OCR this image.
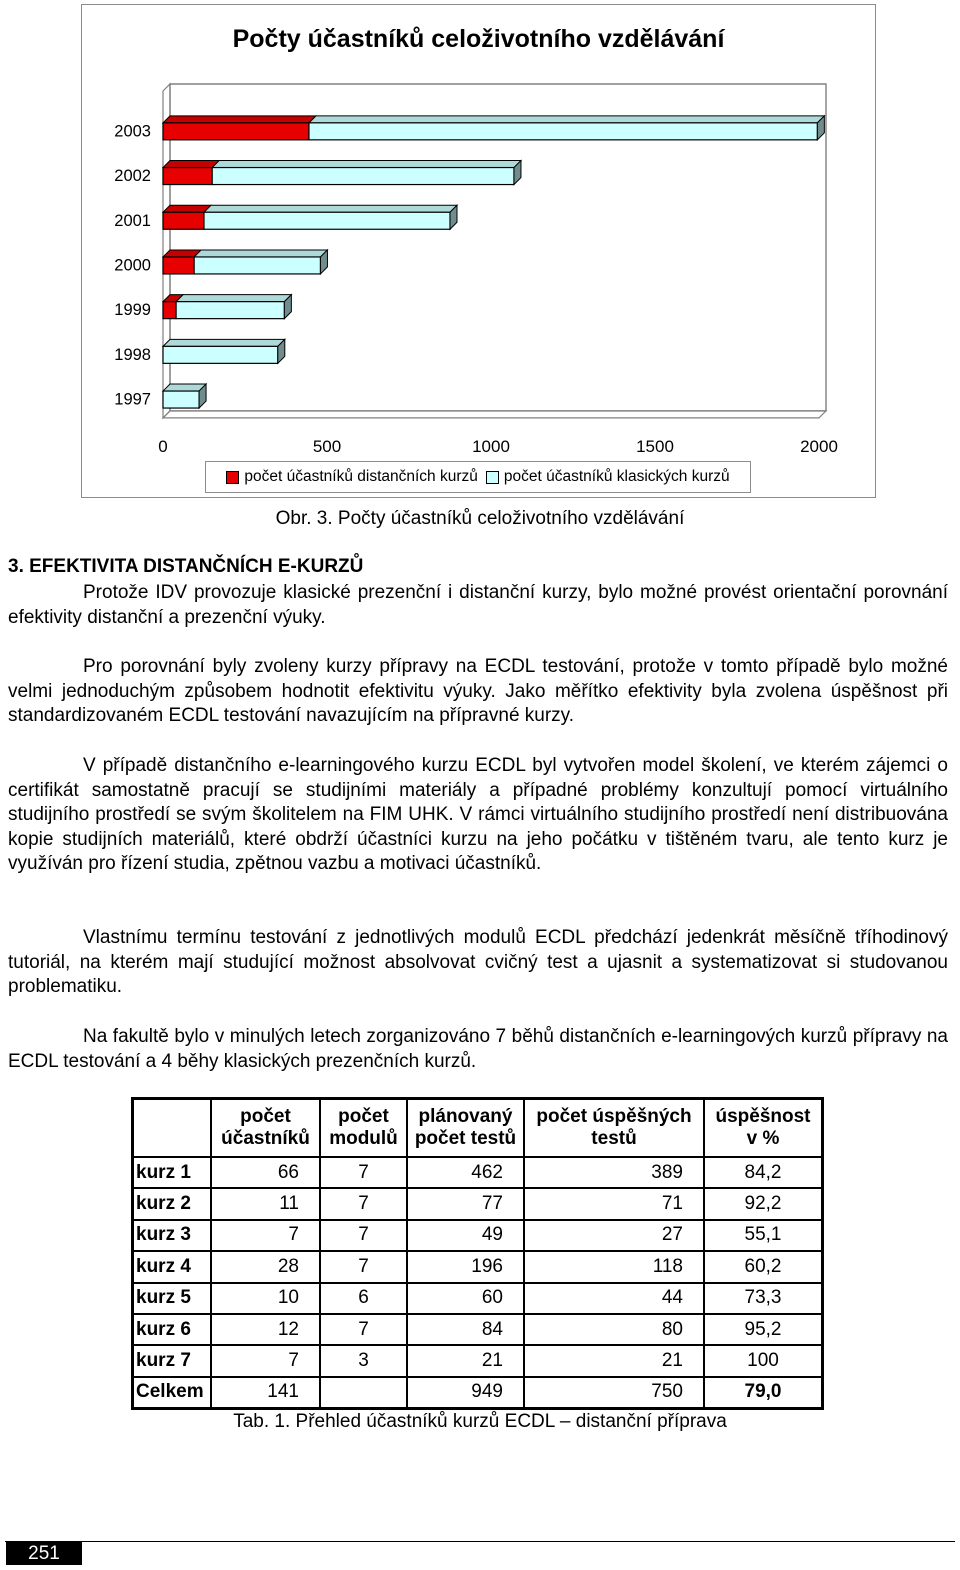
Počty účastníků celoživotního vzdělávání
2003
2002
2001
2000
1999
1998
1997
0	500	1000	1500	2000
počet účastníků distančních kurzů počet účastníků klasických kurzů
Obr. 3. Počty účastníků celoživotního vzdělávání
3. EFEKTIVITA DISTANČNÍCH E-KURZŮ

Protože IDV provozuje klasické prezenční i distanční kurzy, bylo možné provést orientační porovnání efektivity distanční a prezenční výuky.

Pro porovnání byly zvoleny kurzy přípravy na ECDL testování, protože v tomto případě bylo možné velmi jednoduchým způsobem hodnotit efektivitu výuky. Jako měřítko efektivity byla zvolena úspěšnost při standardizovaném ECDL testování navazujícím na přípravné kurzy.

V případě distančního e-learningového kurzu ECDL byl vytvořen model školení, ve kterém zájemci o certifikát samostatně pracují se studijními materiály a případné problémy konzultují pomocí virtuálního studijního prostředí se svým školitelem na FIM UHK. V rámci virtuálního studijního prostředí není distribuována kopie studijních materiálů, které obdrží účastníci kurzu na jeho počátku v tištěném tvaru, ale tento kurz je využíván pro řízení studia, zpětnou vazbu a motivaci účastníků.

Vlastnímu termínu testování z jednotlivých modulů ECDL předchází jedenkrát měsíčně tříhodinový tutoriál, na kterém mají studující možnost absolvovat cvičný test a ujasnit a systematizovat si studovanou problematiku.

Na fakultě bylo v minulých letech zorganizováno 7 běhů distančních e-learningových kurzů přípravy na ECDL testování a 4 běhy klasických prezenčních kurzů.

	počet účastníků	počet modulů	plánovaný počet testů	počet úspěšných testů	úspěšnost v %
kurz 1	66	7	462	389	84,2
kurz 2	11	7	77	71	92,2
kurz 3	7	7	49	27	55,1
kurz 4	28	7	196	118	60,2
kurz 5	10	6	60	44	73,3
kurz 6	12	7	84	80	95,2
kurz 7	7	3	21	21	100
Celkem	141		949	750	79,0
Tab. 1. Přehled účastníků kurzů ECDL – distanční příprava
251
